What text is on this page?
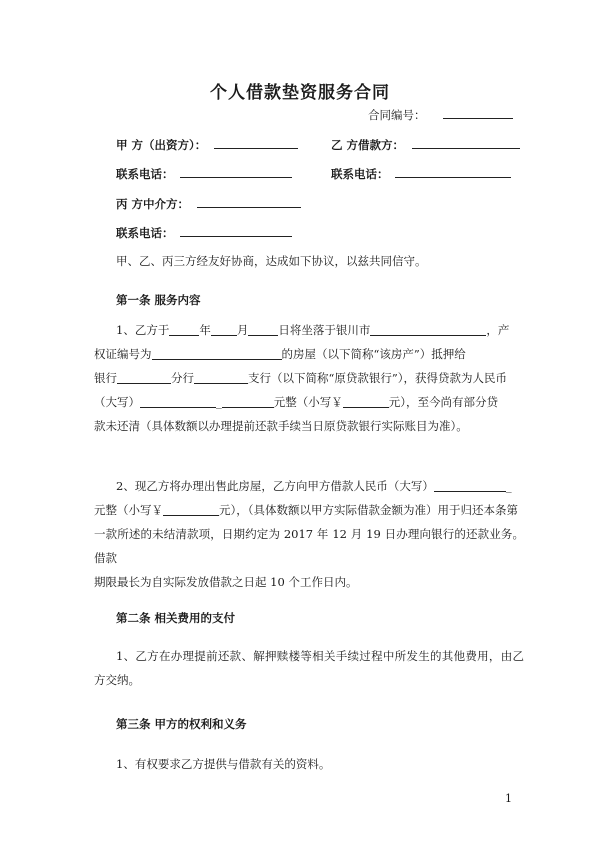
个人借款垫资服务合同
合同编号：
甲 方（出资方）：	乙 方借款方：
联系电话：	联系电话：
丙 方中介方：
联系电话：
甲、乙、丙三方经友好协商，达成如下协议，以兹共同信守。
第一条 服务内容

1、乙方于	年 月	日将坐落于银川市	，产

权证编号为	的房屋（以下简称“该房产”）抵押给

银行	分行	支行（以下简称“原贷款银行”），获得贷款为人民币

（大写）	_	元整（小写￥	元），至今尚有部分贷

款未还清（具体数额以办理提前还款手续当日原贷款银行实际账目为准）。

2、现乙方将办理出售此房屋，乙方向甲方借款人民币（大写）	_

元整（小写￥	元），（具体数额以甲方实际借款金额为准）用于归还本条第

一款所述的未结清款项，日期约定为 2017 年 12 月 19 日办理向银行的还款业务。借款

期限最长为自实际发放借款之日起 10 个工作日内。

第二条 相关费用的支付

1、乙方在办理提前还款、解押赎楼等相关手续过程中所发生的其他费用，由乙方交纳。

第三条 甲方的权利和义务

1、有权要求乙方提供与借款有关的资料。

1
